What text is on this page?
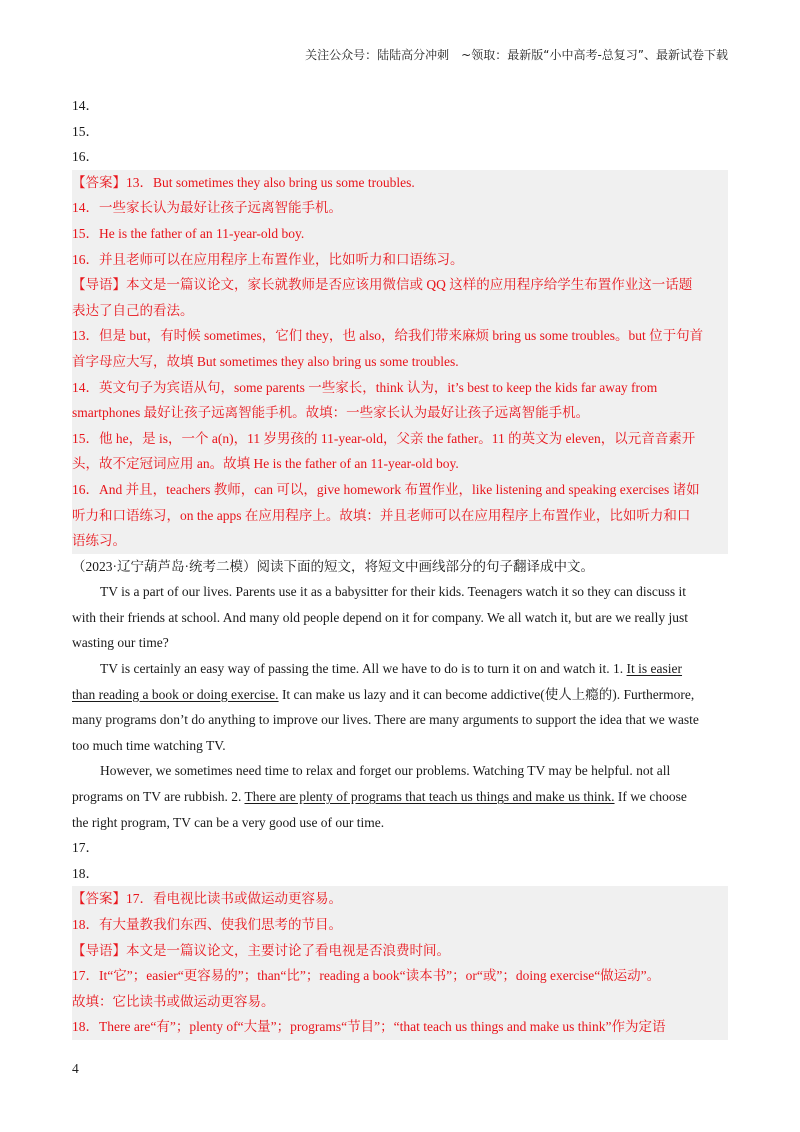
关注公众号：陆陆高分冲刺　~领取：最新版“小中高考-总复习”、最新试卷下载
14．
15．
16．
【答案】13．But sometimes they also bring us some troubles.
14．一些家长认为最好让孩子远离智能手机。
15．He is the father of an 11-year-old boy.
16．并且老师可以在应用程序上布置作业，比如听力和口语练习。
【导语】本文是一篇议论文，家长就教师是否应该用微信或 QQ 这样的应用程序给学生布置作业这一话题
表达了自己的看法。
13．但是 but，有时候 sometimes，它们 they，也 also，给我们带来麻烦 bring us some troubles。but 位于句首
首字母应大写，故填 But sometimes they also bring us some troubles.
14．英文句子为宾语从句，some parents 一些家长，think 认为，it’s best to keep the kids far away from
smartphones 最好让孩子远离智能手机。故填：一些家长认为最好让孩子远离智能手机。
15．他 he，是 is，一个 a(n)，11 岁男孩的 11-year-old，父亲 the father。11 的英文为 eleven，以元音音素开
头，故不定冠词应用 an。故填 He is the father of an 11-year-old boy.
16．And 并且，teachers 教师，can 可以，give homework 布置作业，like listening and speaking exercises 诸如
听力和口语练习，on the apps 在应用程序上。故填：并且老师可以在应用程序上布置作业，比如听力和口
语练习。
（2023·辽宁葫芦岛·统考二模）阅读下面的短文，将短文中画线部分的句子翻译成中文。
TV is a part of our lives. Parents use it as a babysitter for their kids. Teenagers watch it so they can discuss it
with their friends at school. And many old people depend on it for company. We all watch it, but are we really just
wasting our time?
TV is certainly an easy way of passing the time. All we have to do is to turn it on and watch it. 1. It is easier
than reading a book or doing exercise. It can make us lazy and it can become addictive(使人上瘾的). Furthermore,
many programs don’t do anything to improve our lives. There are many arguments to support the idea that we waste
too much time watching TV.
However, we sometimes need time to relax and forget our problems. Watching TV may be helpful. not all
programs on TV are rubbish. 2. There are plenty of programs that teach us things and make us think. If we choose
the right program, TV can be a very good use of our time.
17．
18．
【答案】17．看电视比读书或做运动更容易。
18．有大量教我们东西、使我们思考的节目。
【导语】本文是一篇议论文，主要讨论了看电视是否浪费时间。
17．It“它”；easier“更容易的”；than“比”；reading a book“读本书”；or“或”；doing exercise“做运动”。
故填：它比读书或做运动更容易。
18．There are“有”；plenty of“大量”；programs“节目”；“that teach us things and make us think”作为定语
4
